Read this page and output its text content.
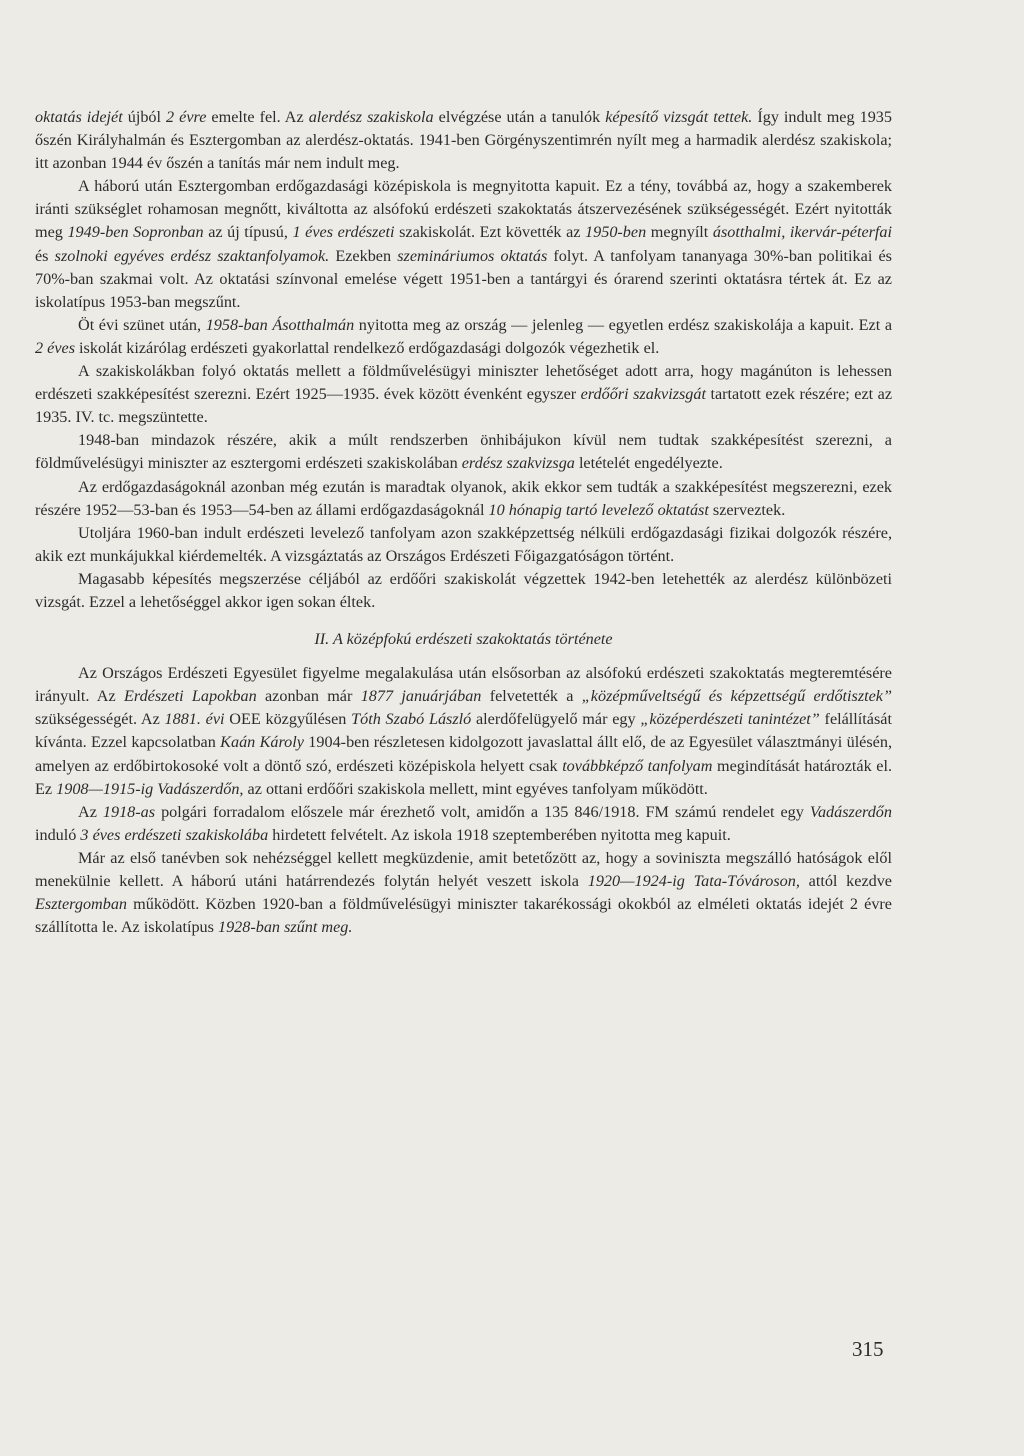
oktatás idejét újból 2 évre emelte fel. Az alerdész szakiskola elvégzése után a tanulók képesítő vizsgát tettek. Így indult meg 1935 őszén Királyhalmán és Esztergomban az alerdész-oktatás. 1941-ben Görgényszentimrén nyílt meg a harmadik alerdész szakiskola; itt azonban 1944 év őszén a tanítás már nem indult meg.

A háború után Esztergomban erdőgazdasági középiskola is megnyitotta kapuit. Ez a tény, továbbá az, hogy a szakemberek iránti szükséglet rohamosan megnőtt, kiváltotta az alsófokú erdészeti szakoktatás átszervezésének szükségességét. Ezért nyitották meg 1949-ben Sopronban az új típusú, 1 éves erdészeti szakiskolát. Ezt követték az 1950-ben megnyílt ásotthalmi, ikervár-péterfai és szolnoki egyéves erdész szaktanfolyamok. Ezekben szemináriumos oktatás folyt. A tanfolyam tananyaga 30%-ban politikai és 70%-ban szakmai volt. Az oktatási színvonal emelése végett 1951-ben a tantárgyi és órarend szerinti oktatásra tértek át. Ez az iskolatípus 1953-ban megszűnt.

Öt évi szünet után, 1958-ban Ásotthalmán nyitotta meg az ország — jelenleg — egyetlen erdész szakiskolája a kapuit. Ezt a 2 éves iskolát kizárólag erdészeti gyakorlattal rendelkező erdőgazdasági dolgozók végezhetik el.

A szakiskolákban folyó oktatás mellett a földművelésügyi miniszter lehetőséget adott arra, hogy magánúton is lehessen erdészeti szakképesítést szerezni. Ezért 1925—1935. évek között évenként egyszer erdőőri szakvizsgát tartatott ezek részére; ezt az 1935. IV. tc. megszüntette.

1948-ban mindazok részére, akik a múlt rendszerben önhibájukon kívül nem tudtak szakképesítést szerezni, a földművelésügyi miniszter az esztergomi erdészeti szakiskolában erdész szakvizsga letételét engedélyezte.

Az erdőgazdaságoknál azonban még ezután is maradtak olyanok, akik ekkor sem tudták a szakképesítést megszerezni, ezek részére 1952—53-ban és 1953—54-ben az állami erdőgazdaságoknál 10 hónapig tartó levelező oktatást szerveztek.

Utoljára 1960-ban indult erdészeti levelező tanfolyam azon szakképzettség nélküli erdőgazdasági fizikai dolgozók részére, akik ezt munkájukkal kiérdemelték. A vizsgáztatás az Országos Erdészeti Főigazgatóságon történt.

Magasabb képesítés megszerzése céljából az erdőőri szakiskolát végzettek 1942-ben letehették az alerdész különbözeti vizsgát. Ezzel a lehetőséggel akkor igen sokan éltek.

II. A középfokú erdészeti szakoktatás története

Az Országos Erdészeti Egyesület figyelme megalakulása után elsősorban az alsófokú erdészeti szakoktatás megteremtésére irányult. Az Erdészeti Lapokban azonban már 1877 januárjában felvetették a „középműveltségű és képzettségű erdőtisztek” szükségességét. Az 1881. évi OEE közgyűlésen Tóth Szabó László alerdőfelügyelő már egy „középerdészeti tanintézet” felállítását kívánta. Ezzel kapcsolatban Kaán Károly 1904-ben részletesen kidolgozott javaslattal állt elő, de az Egyesület választmányi ülésén, amelyen az erdőbirtokosoké volt a döntő szó, erdészeti középiskola helyett csak továbbképző tanfolyam megindítását határozták el. Ez 1908—1915-ig Vadászerdőn, az ottani erdőőri szakiskola mellett, mint egyéves tanfolyam működött.

Az 1918-as polgári forradalom előszele már érezhető volt, amidőn a 135 846/1918. FM számú rendelet egy Vadászerdőn induló 3 éves erdészeti szakiskolába hirdetett felvételt. Az iskola 1918 szeptemberében nyitotta meg kapuit.

Már az első tanévben sok nehézséggel kellett megküzdenie, amit betetőzött az, hogy a soviniszta megszálló hatóságok elől menekülnie kellett. A háború utáni határrendezés folytán helyét veszett iskola 1920—1924-ig Tata-Tóvároson, attól kezdve Esztergomban működött. Közben 1920-ban a földművelésügyi miniszter takarékossági okokból az elméleti oktatás idejét 2 évre szállította le. Az iskolatípus 1928-ban szűnt meg.

315
